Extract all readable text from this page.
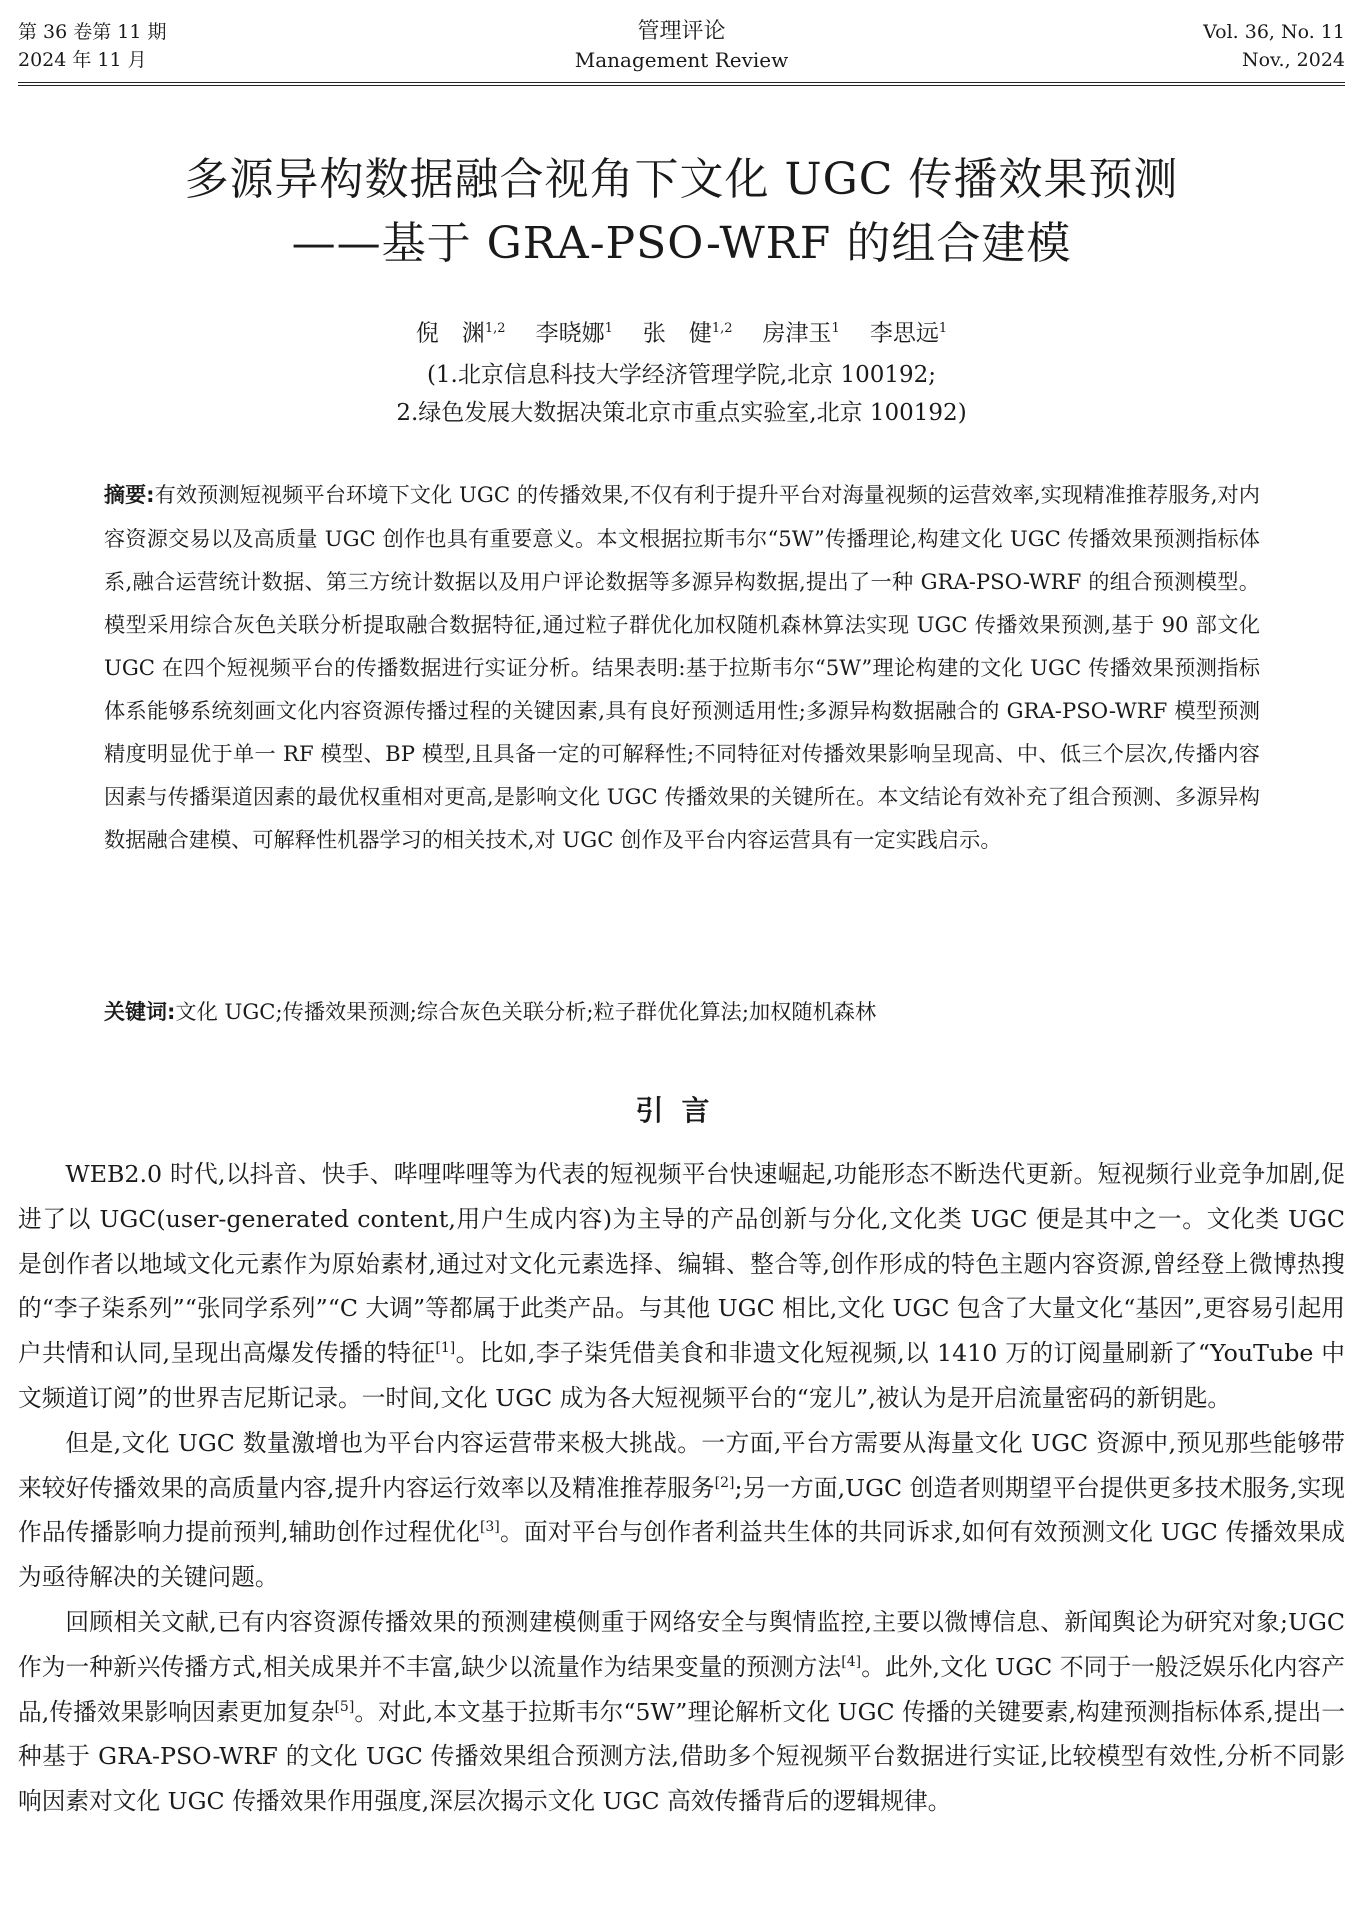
第 36 卷第 11 期
2024 年 11 月
管理评论
Management Review
Vol. 36, No. 11
Nov., 2024
多源异构数据融合视角下文化 UGC 传播效果预测
——基于 GRA-PSO-WRF 的组合建模
倪　渊$^{1,2}$ 李晓娜$^1$ 张　健$^{1,2}$ 房津玉$^1$ 李思远$^1$
(1.北京信息科技大学经济管理学院,北京 100192;
2.绿色发展大数据决策北京市重点实验室,北京 100192)
摘要:有效预测短视频平台环境下文化 UGC 的传播效果,不仅有利于提升平台对海量视频的运营效率,实现精准推荐服务,对内容资源交易以及高质量 UGC 创作也具有重要意义。本文根据拉斯韦尔“5W”传播理论,构建文化 UGC 传播效果预测指标体系,融合运营统计数据、第三方统计数据以及用户评论数据等多源异构数据,提出了一种 GRA-PSO-WRF 的组合预测模型。模型采用综合灰色关联分析提取融合数据特征,通过粒子群优化加权随机森林算法实现 UGC 传播效果预测,基于 90 部文化 UGC 在四个短视频平台的传播数据进行实证分析。结果表明:基于拉斯韦尔“5W”理论构建的文化 UGC 传播效果预测指标体系能够系统刻画文化内容资源传播过程的关键因素,具有良好预测适用性;多源异构数据融合的 GRA-PSO-WRF 模型预测精度明显优于单一 RF 模型、BP 模型,且具备一定的可解释性;不同特征对传播效果影响呈现高、中、低三个层次,传播内容因素与传播渠道因素的最优权重相对更高,是影响文化 UGC 传播效果的关键所在。本文结论有效补充了组合预测、多源异构数据融合建模、可解释性机器学习的相关技术,对 UGC 创作及平台内容运营具有一定实践启示。
关键词:文化 UGC;传播效果预测;综合灰色关联分析;粒子群优化算法;加权随机森林
引言

WEB2.0 时代,以抖音、快手、哔哩哔哩等为代表的短视频平台快速崛起,功能形态不断迭代更新。短视频行业竞争加剧,促进了以 UGC(user-generated content,用户生成内容)为主导的产品创新与分化,文化类 UGC 便是其中之一。文化类 UGC 是创作者以地域文化元素作为原始素材,通过对文化元素选择、编辑、整合等,创作形成的特色主题内容资源,曾经登上微博热搜的“李子柒系列”“张同学系列”“C 大调”等都属于此类产品。与其他 UGC 相比,文化 UGC 包含了大量文化“基因”,更容易引起用户共情和认同,呈现出高爆发传播的特征[1]。比如,李子柒凭借美食和非遗文化短视频,以 1410 万的订阅量刷新了“YouTube 中文频道订阅”的世界吉尼斯记录。一时间,文化 UGC 成为各大短视频平台的“宠儿”,被认为是开启流量密码的新钥匙。

但是,文化 UGC 数量激增也为平台内容运营带来极大挑战。一方面,平台方需要从海量文化 UGC 资源中,预见那些能够带来较好传播效果的高质量内容,提升内容运行效率以及精准推荐服务[2];另一方面,UGC 创造者则期望平台提供更多技术服务,实现作品传播影响力提前预判,辅助创作过程优化[3]。面对平台与创作者利益共生体的共同诉求,如何有效预测文化 UGC 传播效果成为亟待解决的关键问题。

回顾相关文献,已有内容资源传播效果的预测建模侧重于网络安全与舆情监控,主要以微博信息、新闻舆论为研究对象;UGC 作为一种新兴传播方式,相关成果并不丰富,缺少以流量作为结果变量的预测方法[4]。此外,文化 UGC 不同于一般泛娱乐化内容产品,传播效果影响因素更加复杂[5]。对此,本文基于拉斯韦尔“5W”理论解析文化 UGC 传播的关键要素,构建预测指标体系,提出一种基于 GRA-PSO-WRF 的文化 UGC 传播效果组合预测方法,借助多个短视频平台数据进行实证,比较模型有效性,分析不同影响因素对文化 UGC 传播效果作用强度,深层次揭示文化 UGC 高效传播背后的逻辑规律。
